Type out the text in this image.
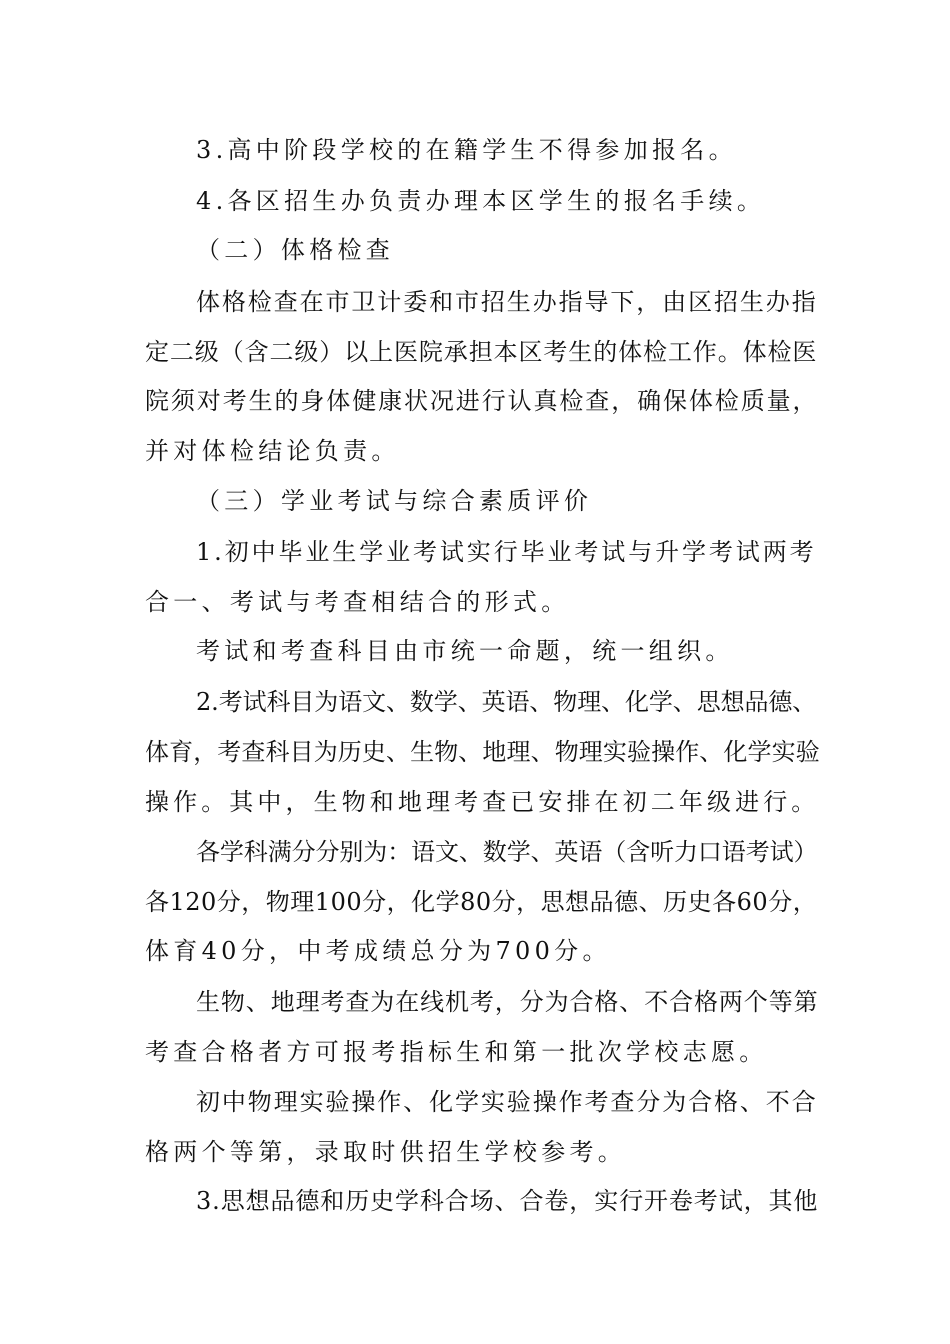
3.高中阶段学校的在籍学生不得参加报名。
4.各区招生办负责办理本区学生的报名手续。
（二）体格检查
体格检查在市卫计委和市招生办指导下，由区招生办指
定二级（含二级）以上医院承担本区考生的体检工作。体检医
院须对考生的身体健康状况进行认真检查，确保体检质量，
并对体检结论负责。
（三）学业考试与综合素质评价
1.初中毕业生学业考试实行毕业考试与升学考试两考
合一、考试与考查相结合的形式。
考试和考查科目由市统一命题，统一组织。
2.考试科目为语文、数学、英语、物理、化学、思想品德、
体育，考查科目为历史、生物、地理、物理实验操作、化学实验
操作。其中，生物和地理考查已安排在初二年级进行。
各学科满分分别为：语文、数学、英语（含听力口语考试）
各120分，物理100分，化学80分，思想品德、历史各60分，
体育40分，中考成绩总分为700分。
生物、地理考查为在线机考，分为合格、不合格两个等第
考查合格者方可报考指标生和第一批次学校志愿。
初中物理实验操作、化学实验操作考查分为合格、不合
格两个等第，录取时供招生学校参考。
3.思想品德和历史学科合场、合卷，实行开卷考试，其他
